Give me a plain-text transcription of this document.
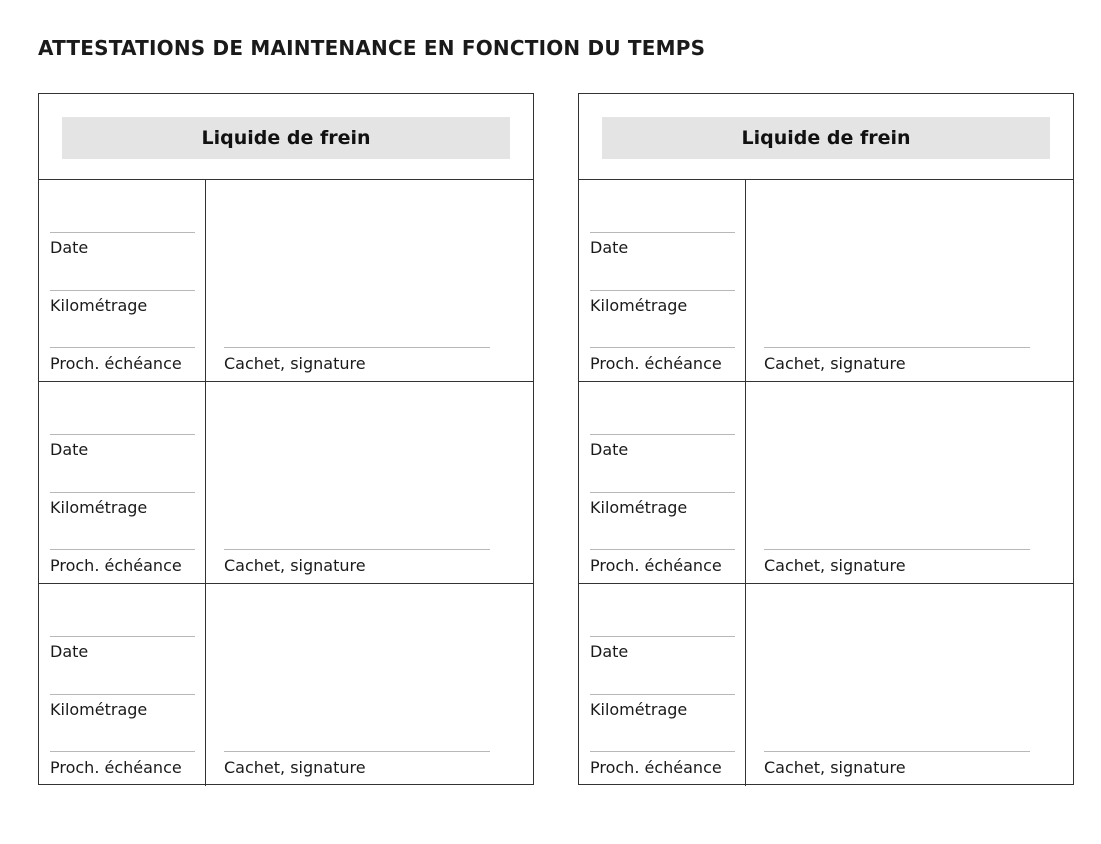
ATTESTATIONS DE MAINTENANCE EN FONCTION DU TEMPS
Liquide de frein
Date
Kilométrage
Proch. échéance	Cachet, signature
Date
Kilométrage
Proch. échéance	Cachet, signature
Date
Kilométrage
Proch. échéance	Cachet, signature
Liquide de frein
Date
Kilométrage
Proch. échéance	Cachet, signature
Date
Kilométrage
Proch. échéance	Cachet, signature
Date
Kilométrage
Proch. échéance	Cachet, signature
